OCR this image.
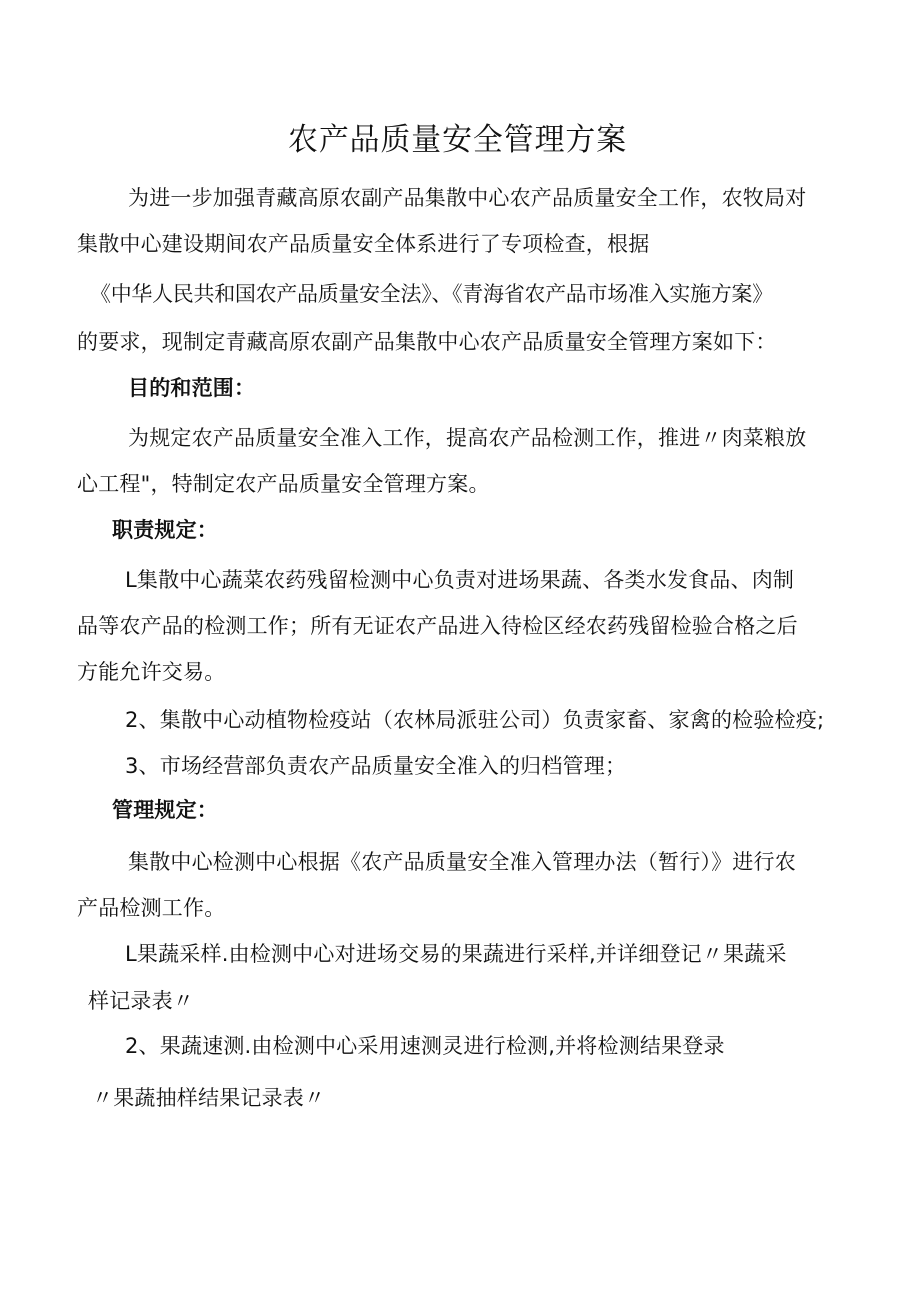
农产品质量安全管理方案
为进一步加强青藏高原农副产品集散中心农产品质量安全工作，农牧局对
集散中心建设期间农产品质量安全体系进行了专项检查，根据
《中华人民共和国农产品质量安全法》、《青海省农产品市场准入实施方案》
的要求，现制定青藏高原农副产品集散中心农产品质量安全管理方案如下：
目的和范围：
为规定农产品质量安全准入工作，提高农产品检测工作，推进〃肉菜粮放
心工程"，特制定农产品质量安全管理方案。
职责规定：
L集散中心蔬菜农药残留检测中心负责对进场果蔬、各类水发食品、肉制
品等农产品的检测工作；所有无证农产品进入待检区经农药残留检验合格之后
方能允许交易。
2、集散中心动植物检疫站（农林局派驻公司）负责家畜、家禽的检验检疫;
3、市场经营部负责农产品质量安全准入的归档管理；
管理规定：
集散中心检测中心根据《农产品质量安全准入管理办法（暂行）》进行农
产品检测工作。
L果蔬采样.由检测中心对进场交易的果蔬进行采样,并详细登记〃果蔬采
样记录表〃
2、果蔬速测.由检测中心采用速测灵进行检测,并将检测结果登录
〃果蔬抽样结果记录表〃
